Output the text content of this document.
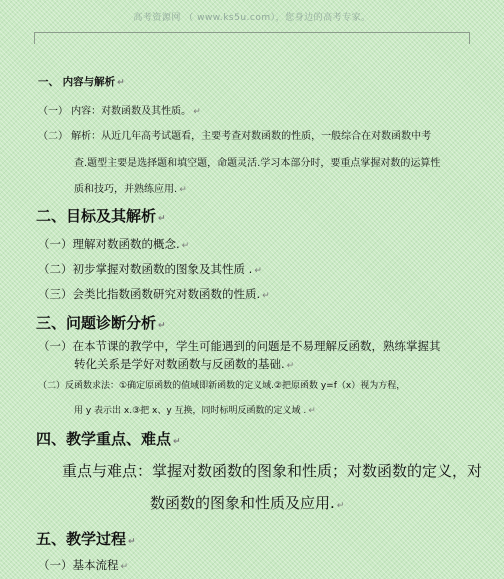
高考资源网 （ www.ks5u.com），您身边的高考专家。
一、 内容与解析 ↵
（一） 内容：对数函数及其性质。 ↵
（二） 解析：从近几年高考试题看，主要考查对数函数的性质，一般综合在对数函数中考
查.题型主要是选择题和填空题，命题灵活.学习本部分时，要重点掌握对数的运算性
质和技巧，并熟练应用. ↵
二、目标及其解析 ↵
（一）理解对数函数的概念. ↵
（二）初步掌握对数函数的图象及其性质 . ↵
（三）会类比指数函数研究对数函数的性质. ↵
三、问题诊断分析 ↵
（一）在本节课的教学中，学生可能遇到的问题是不易理解反函数，熟练掌握其
转化关系是学好对数函数与反函数的基础. ↵
（二）反函数求法：①确定原函数的值域即新函数的定义域.②把原函数 y=f（x）视为方程，
用 y 表示出 x.③把 x、y 互换，同时标明反函数的定义域 . ↵
四、教学重点、难点 ↵
重点与难点：掌握对数函数的图象和性质；对数函数的定义，对
数函数的图象和性质及应用. ↵
五、教学过程 ↵
（一）基本流程 ↵
